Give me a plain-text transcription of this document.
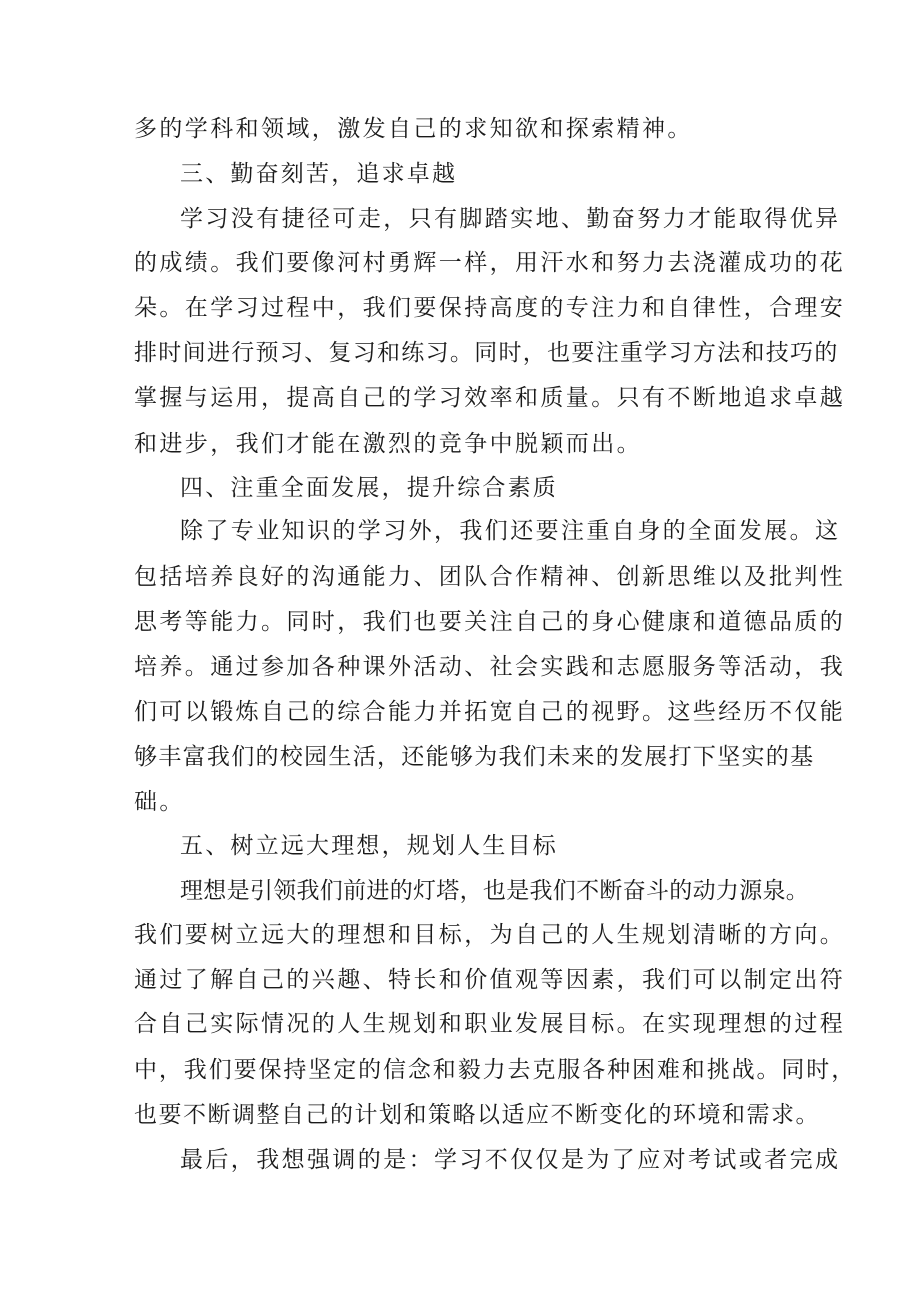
多的学科和领域，激发自己的求知欲和探索精神。
三、勤奋刻苦，追求卓越
学习没有捷径可走，只有脚踏实地、勤奋努力才能取得优异
的成绩。我们要像河村勇辉一样，用汗水和努力去浇灌成功的花
朵。在学习过程中，我们要保持高度的专注力和自律性，合理安
排时间进行预习、复习和练习。同时，也要注重学习方法和技巧的
掌握与运用，提高自己的学习效率和质量。只有不断地追求卓越
和进步，我们才能在激烈的竞争中脱颖而出。
四、注重全面发展，提升综合素质
除了专业知识的学习外，我们还要注重自身的全面发展。这
包括培养良好的沟通能力、团队合作精神、创新思维以及批判性
思考等能力。同时，我们也要关注自己的身心健康和道德品质的
培养。通过参加各种课外活动、社会实践和志愿服务等活动，我
们可以锻炼自己的综合能力并拓宽自己的视野。这些经历不仅能
够丰富我们的校园生活，还能够为我们未来的发展打下坚实的基
础。
五、树立远大理想，规划人生目标
理想是引领我们前进的灯塔，也是我们不断奋斗的动力源泉。
我们要树立远大的理想和目标，为自己的人生规划清晰的方向。
通过了解自己的兴趣、特长和价值观等因素，我们可以制定出符
合自己实际情况的人生规划和职业发展目标。在实现理想的过程
中，我们要保持坚定的信念和毅力去克服各种困难和挑战。同时，
也要不断调整自己的计划和策略以适应不断变化的环境和需求。
最后，我想强调的是：学习不仅仅是为了应对考试或者完成
